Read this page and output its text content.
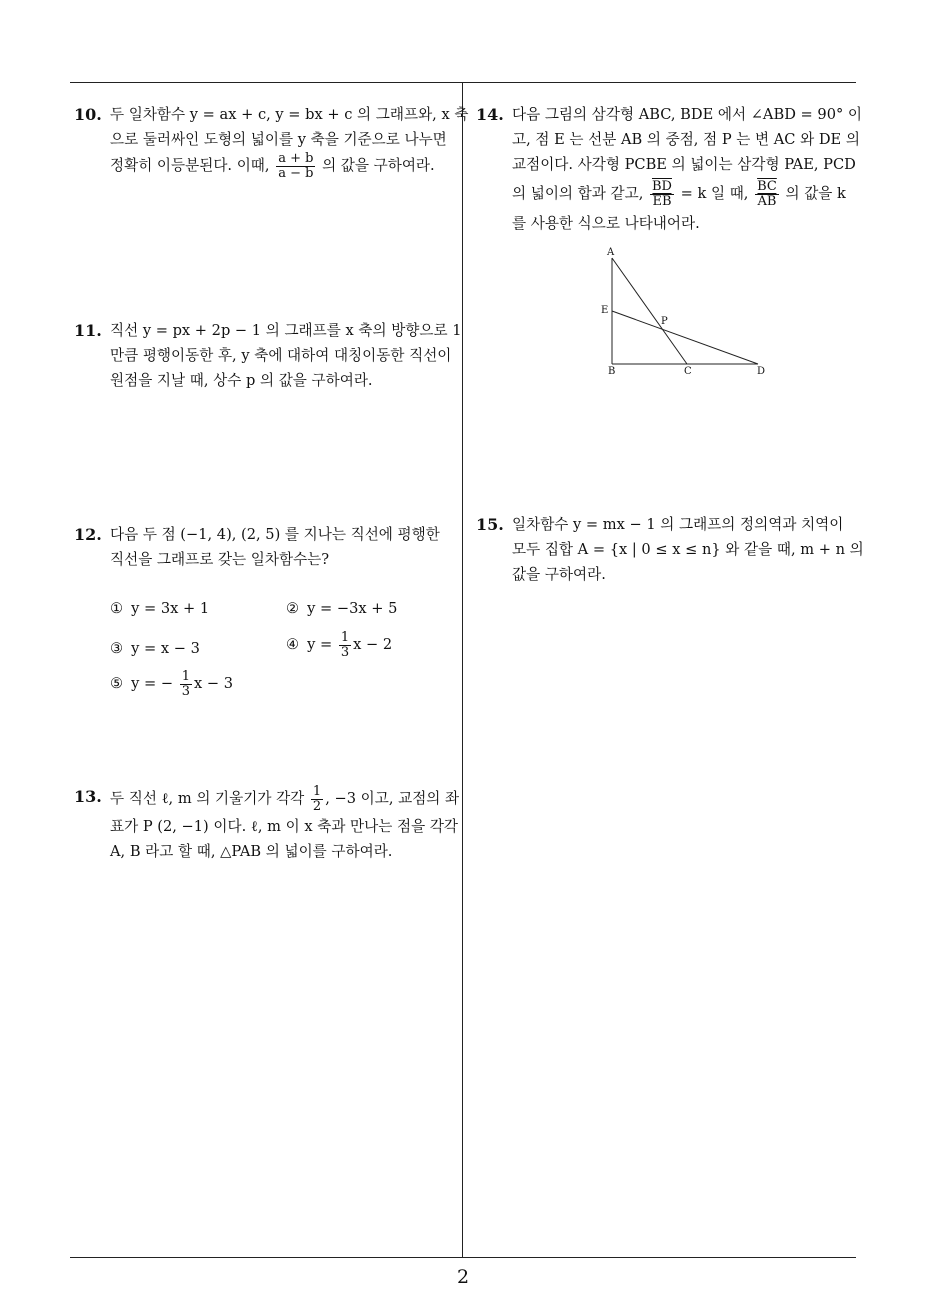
2
10. 두 일차함수 y = ax + c, y = bx + c 의 그래프와, x 축
으로 둘러싸인 도형의 넓이를 y 축을 기준으로 나누면
정확히 이등분된다. 이때, $\frac{a + b}{a - b}$ 의 값을 구하여라.
11. 직선 y = px + 2p − 1 의 그래프를 x 축의 방향으로 1
만큼 평행이동한 후, y 축에 대하여 대칭이동한 직선이
원점을 지날 때, 상수 p 의 값을 구하여라.
12. 다음 두 점 (−1, 4), (2, 5) 를 지나는 직선에 평행한
직선을 그래프로 갖는 일차함수는?
① y = 3x + 1	② y = −3x + 5
③ y = x − 3	④ $y = \frac{1}{3}$ x − 2
⑤ y = − $\frac{1}{3}$ x − 3
13. 두 직선 ℓ, m 의 기울기가 각각 $\frac{1}{2}$ , −3 이고, 교점의 좌
표가 P (2, −1) 이다. ℓ, m 이 x 축과 만나는 점을 각각
A, B 라고 할 때, △PAB 의 넓이를 구하여라.
14. 다음 그림의 삼각형 ABC, BDE 에서 ∠ABD = 90° 이
고, 점 E 는 선분 AB 의 중점, 점 P 는 변 AC 와 DE 의
교점이다. 사각형 PCBE 의 넓이는 삼각형 PAE, PCD
의 넓이의 합과 같고, $\frac{\overline{BD}}{EB} = k$ 일 때, $\frac{\overline{BC}}{AB}$ 의 값을 k
를 사용한 식으로 나타내어라.
A
E
P
B	C	D
15. 일차함수 y = mx − 1 의 그래프의 정의역과 치역이
모두 집합 A = {x | 0 ≤ x ≤ n} 와 같을 때, m + n 의
값을 구하여라.
